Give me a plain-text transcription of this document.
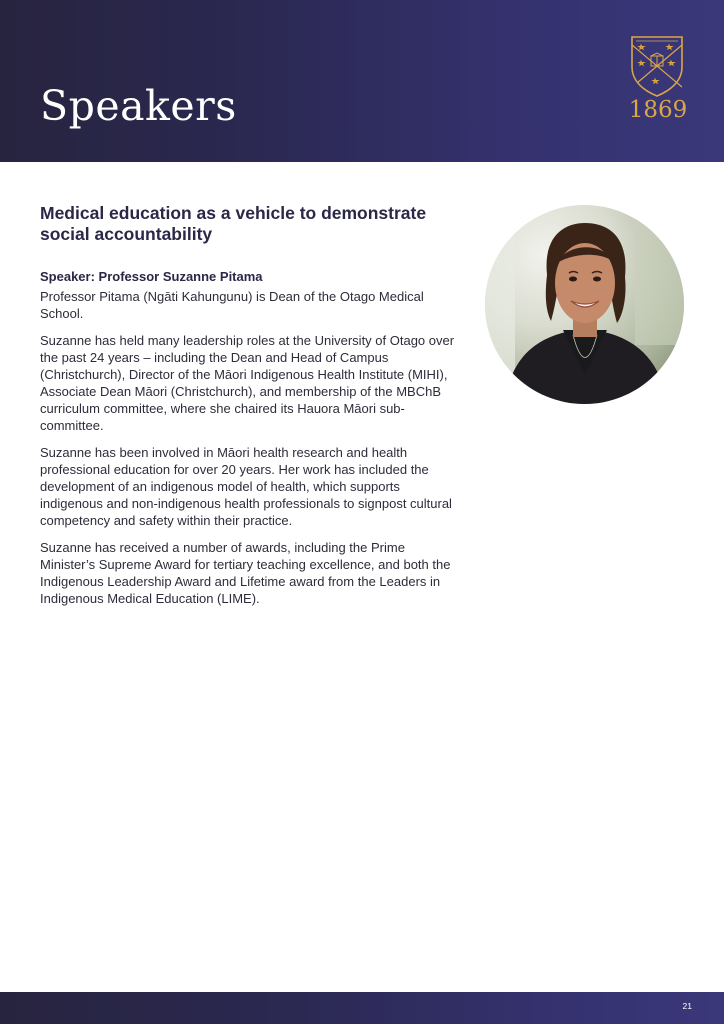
Speakers	1869
Medical education as a vehicle to demonstrate social accountability

Speaker: Professor Suzanne Pitama

Professor Pitama (Ngāti Kahungunu) is Dean of the Otago Medical School.

Suzanne has held many leadership roles at the University of Otago over the past 24 years – including the Dean and Head of Campus (Christchurch), Director of the Māori Indigenous Health Institute (MIHI), Associate Dean Māori (Christchurch), and membership of the MBChB curriculum committee, where she chaired its Hauora Māori sub-committee.

Suzanne has been involved in Māori health research and health professional education for over 20 years. Her work has included the development of an indigenous model of health, which supports indigenous and non-indigenous health professionals to signpost cultural competency and safety within their practice.

Suzanne has received a number of awards, including the Prime Minister’s Supreme Award for tertiary teaching excellence, and both the Indigenous Leadership Award and Lifetime award from the Leaders in Indigenous Medical Education (LIME).

21
